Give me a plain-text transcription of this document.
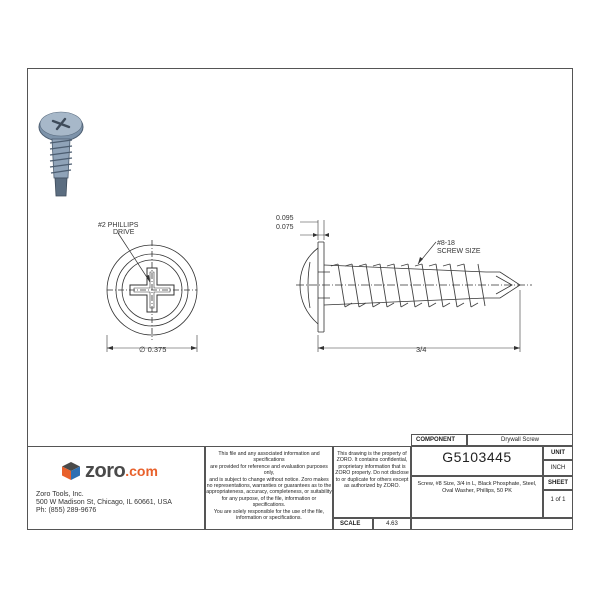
#2 PHILLIPS
DRIVE
∅ 0.375
0.095
0.075
#8-18
SCREW SIZE
3/4
zoro .com
Zoro Tools, Inc.
500 W Madison St, Chicago, IL 60661, USA
Ph: (855) 289-9676
This file and any associated information and specifications
are provided for reference and evaluation purposes only,
and is subject to change without notice. Zoro makes
no representations, warranties or guarantees as to the
appropriateness, accuracy, completeness, or suitability
for any purpose, of the file, information or specifications.
You are solely responsible for the use of the file,
information or specifications.
This drawing is the property of
ZORO. It contains confidential,
proprietary information that is
ZORO property. Do not disclose
to or duplicate for others except
as authorized by ZORO.
SCALE	4.63
COMPONENT	Drywall Screw
G5103445
Screw, #8 Size, 3/4 in L, Black Phosphate, Steel, Oval Washer, Phillips, 50 PK
UNIT
INCH
SHEET
1 of 1
